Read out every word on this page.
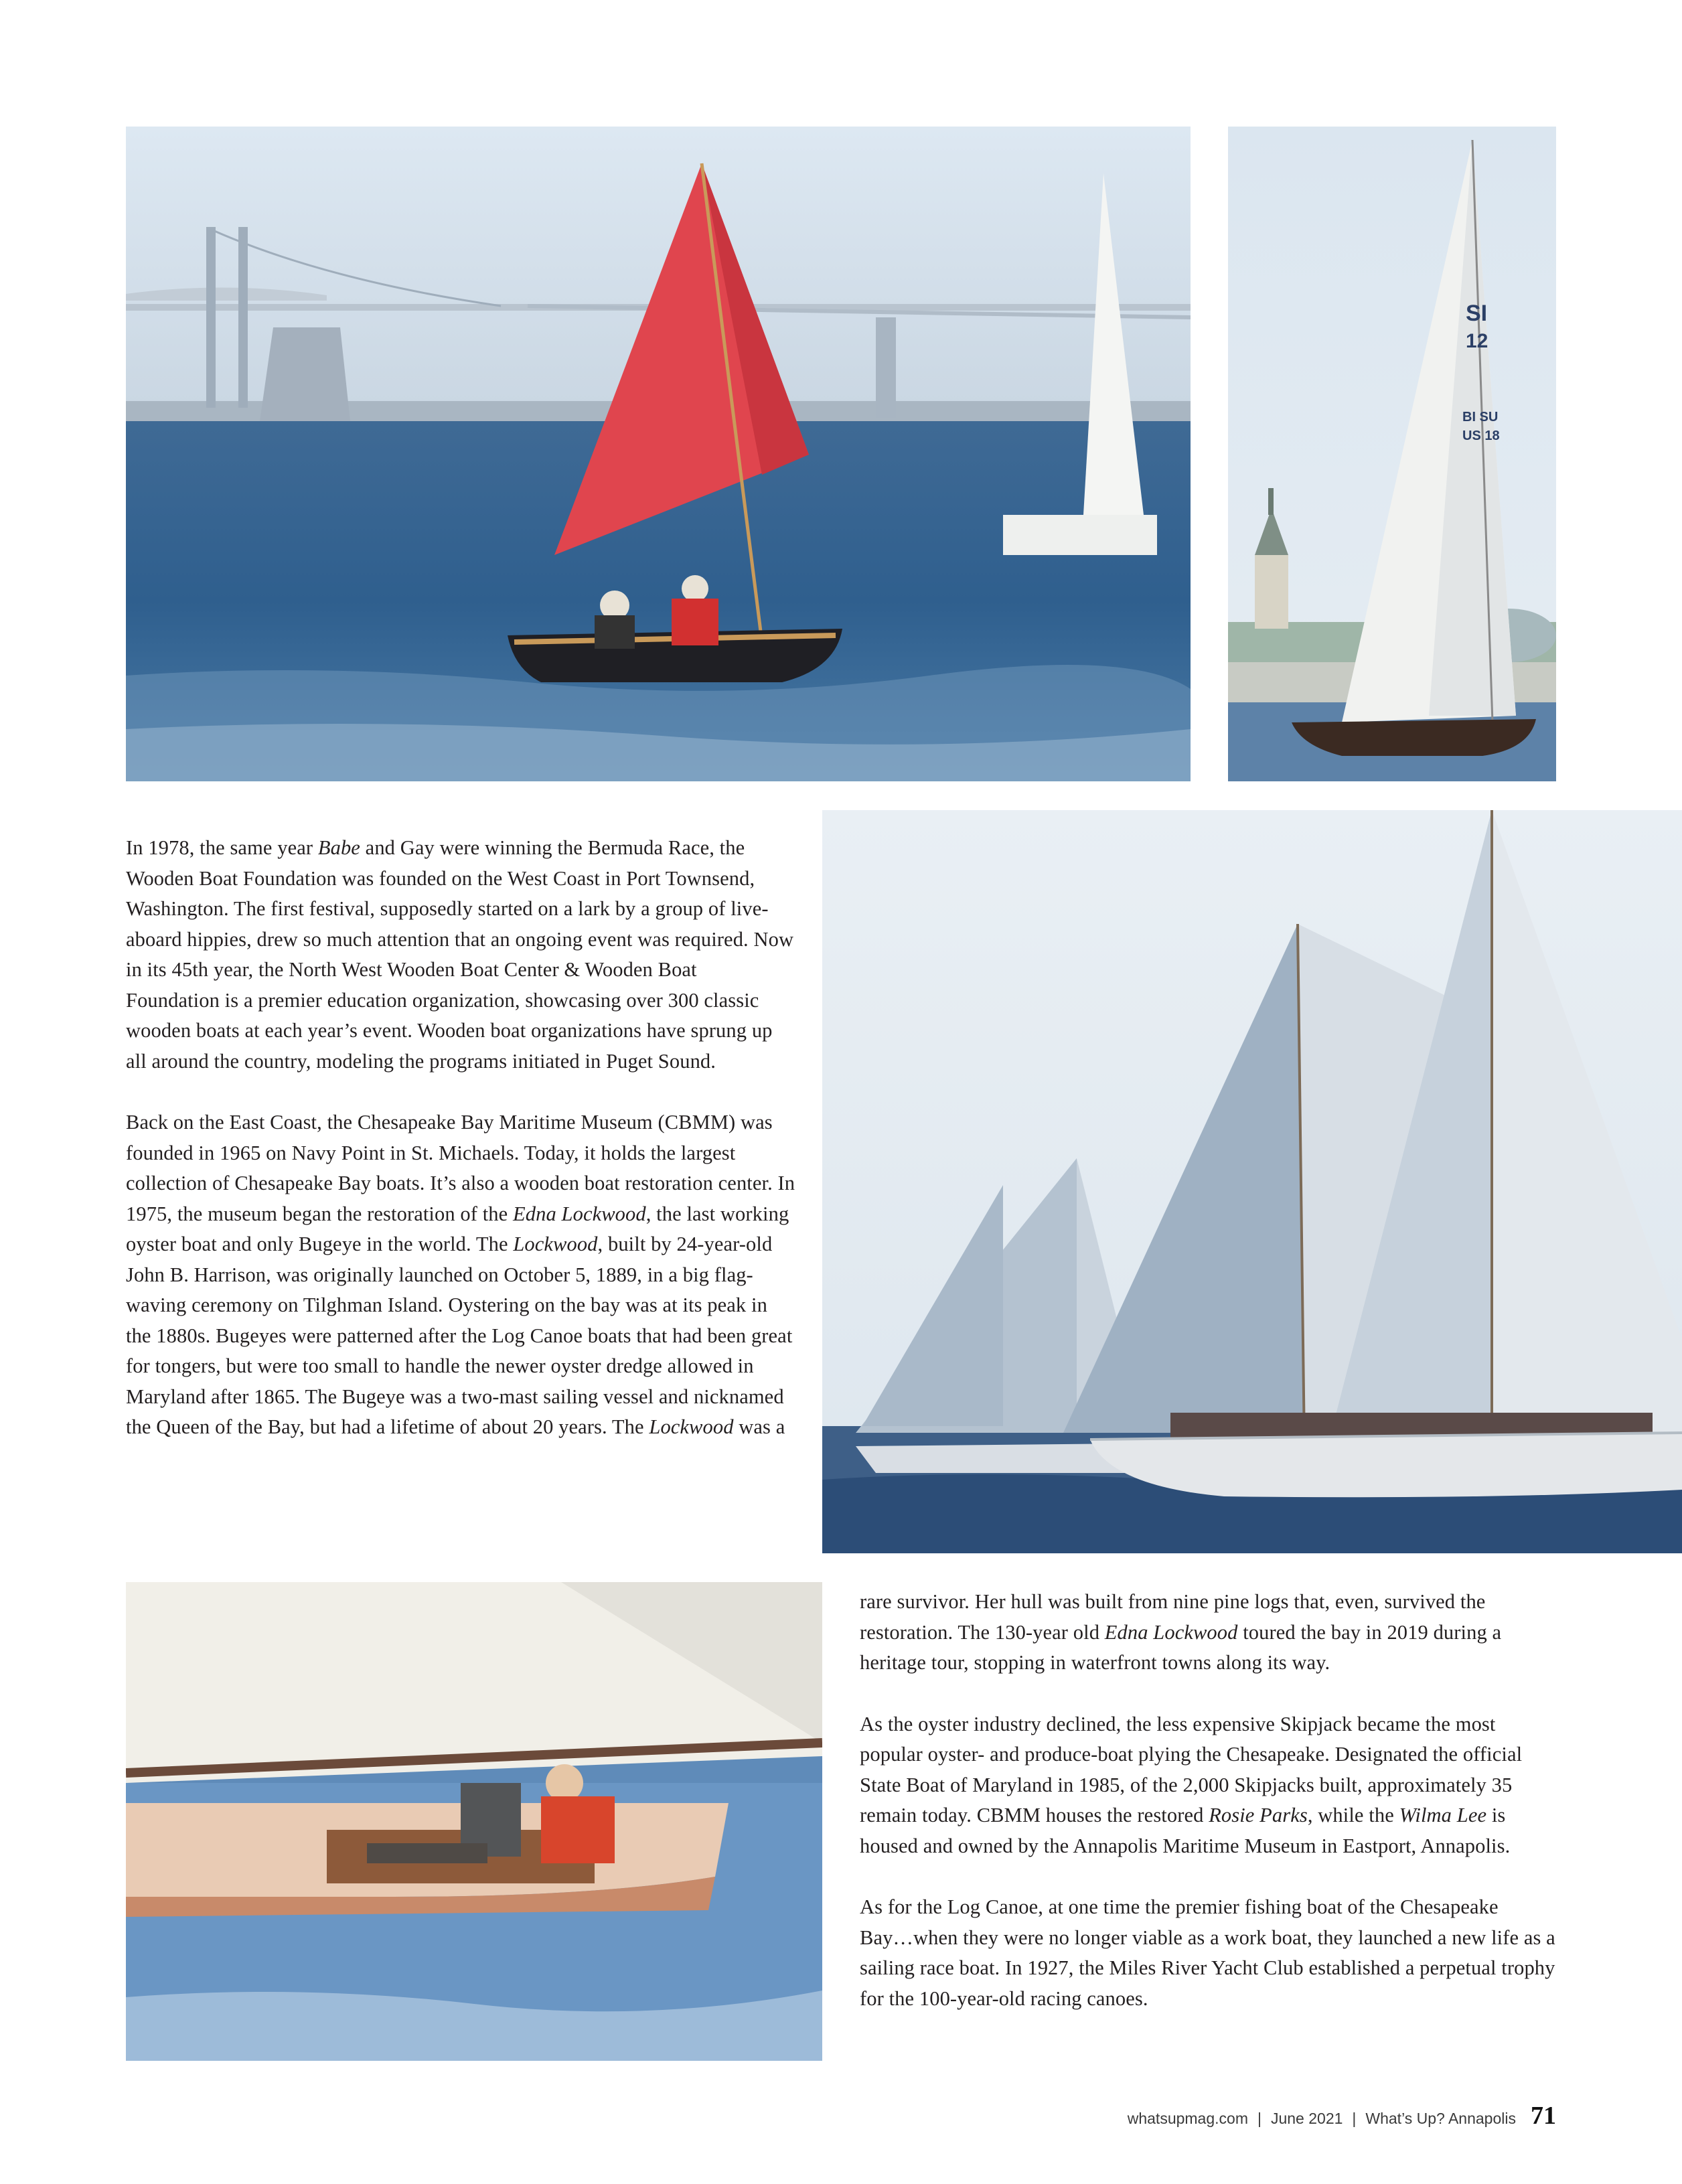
SI
12
BI SU
US 18

In 1978, the same year Babe and Gay were winning the Bermuda Race, the Wooden Boat Foundation was founded on the West Coast in Port Townsend, Washington. The first festival, supposedly started on a lark by a group of live-aboard hippies, drew so much attention that an ongoing event was required. Now in its 45th year, the North West Wooden Boat Center & Wooden Boat Foundation is a premier education organization, showcasing over 300 classic wooden boats at each year’s event. Wooden boat organizations have sprung up all around the country, modeling the programs initiated in Puget Sound.

Back on the East Coast, the Chesapeake Bay Maritime Museum (CBMM) was founded in 1965 on Navy Point in St. Michaels. Today, it holds the largest collection of Chesapeake Bay boats. It’s also a wooden boat restoration center. In 1975, the museum began the restoration of the Edna Lockwood, the last working oyster boat and only Bugeye in the world. The Lockwood, built by 24-year-old John B. Harrison, was originally launched on October 5, 1889, in a big flag-waving ceremony on Tilghman Island. Oystering on the bay was at its peak in the 1880s. Bugeyes were patterned after the Log Canoe boats that had been great for tongers, but were too small to handle the newer oyster dredge allowed in Maryland after 1865. The Bugeye was a two-mast sailing vessel and nicknamed the Queen of the Bay, but had a lifetime of about 20 years. The Lockwood was a

rare survivor. Her hull was built from nine pine logs that, even, survived the restoration. The 130-year old Edna Lockwood toured the bay in 2019 during a heritage tour, stopping in waterfront towns along its way.

As the oyster industry declined, the less expensive Skipjack became the most popular oyster- and produce-boat plying the Chesapeake. Designated the official State Boat of Maryland in 1985, of the 2,000 Skipjacks built, approximately 35 remain today. CBMM houses the restored Rosie Parks, while the Wilma Lee is housed and owned by the Annapolis Maritime Museum in Eastport, Annapolis.

As for the Log Canoe, at one time the premier fishing boat of the Chesapeake Bay…when they were no longer viable as a work boat, they launched a new life as a sailing race boat. In 1927, the Miles River Yacht Club established a perpetual trophy for the 100-year-old racing canoes.

whatsupmag.com | June 2021 | What’s Up? Annapolis 71
